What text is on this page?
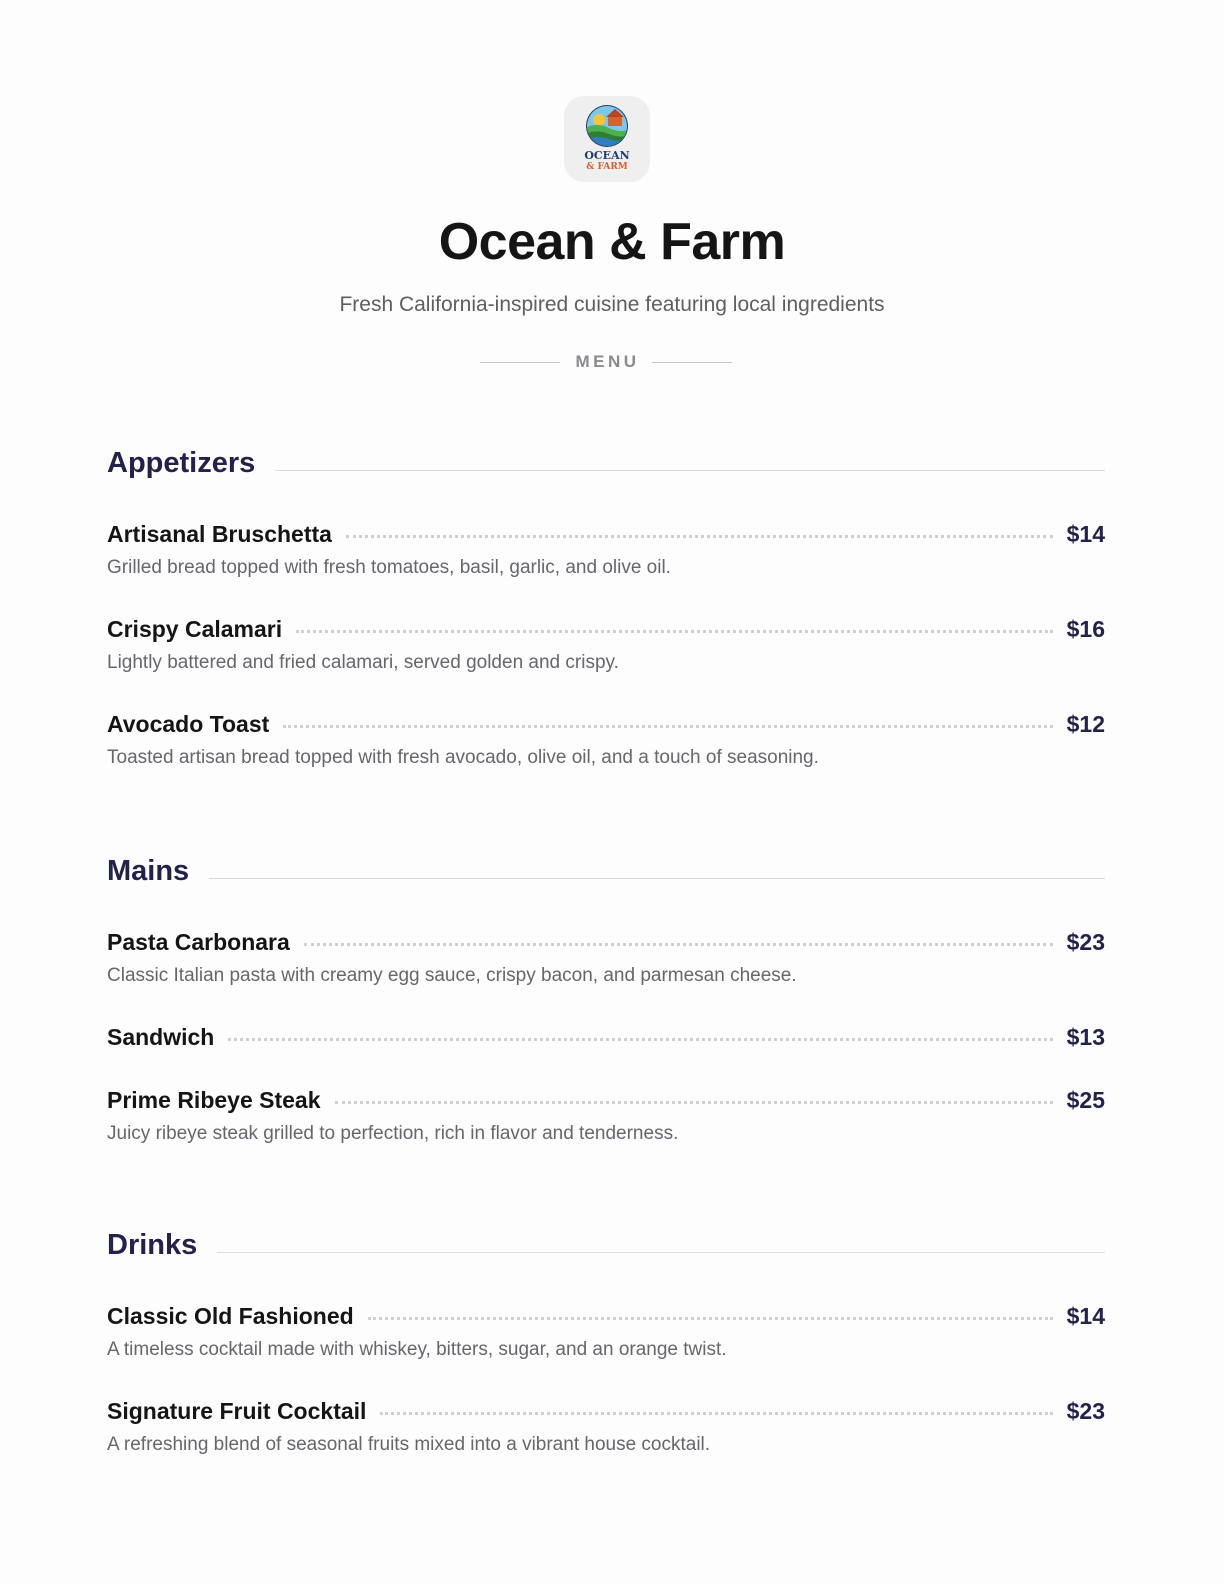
OCEAN
& FARM
Ocean & Farm

Fresh California-inspired cuisine featuring local ingredients

MENU
Appetizers
Artisanal Bruschetta	$14
Grilled bread topped with fresh tomatoes, basil, garlic, and olive oil.
Crispy Calamari	$16
Lightly battered and fried calamari, served golden and crispy.
Avocado Toast	$12
Toasted artisan bread topped with fresh avocado, olive oil, and a touch of seasoning.
Mains
Pasta Carbonara	$23
Classic Italian pasta with creamy egg sauce, crispy bacon, and parmesan cheese.
Sandwich	$13
Prime Ribeye Steak	$25
Juicy ribeye steak grilled to perfection, rich in flavor and tenderness.
Drinks
Classic Old Fashioned	$14
A timeless cocktail made with whiskey, bitters, sugar, and an orange twist.
Signature Fruit Cocktail	$23
A refreshing blend of seasonal fruits mixed into a vibrant house cocktail.
